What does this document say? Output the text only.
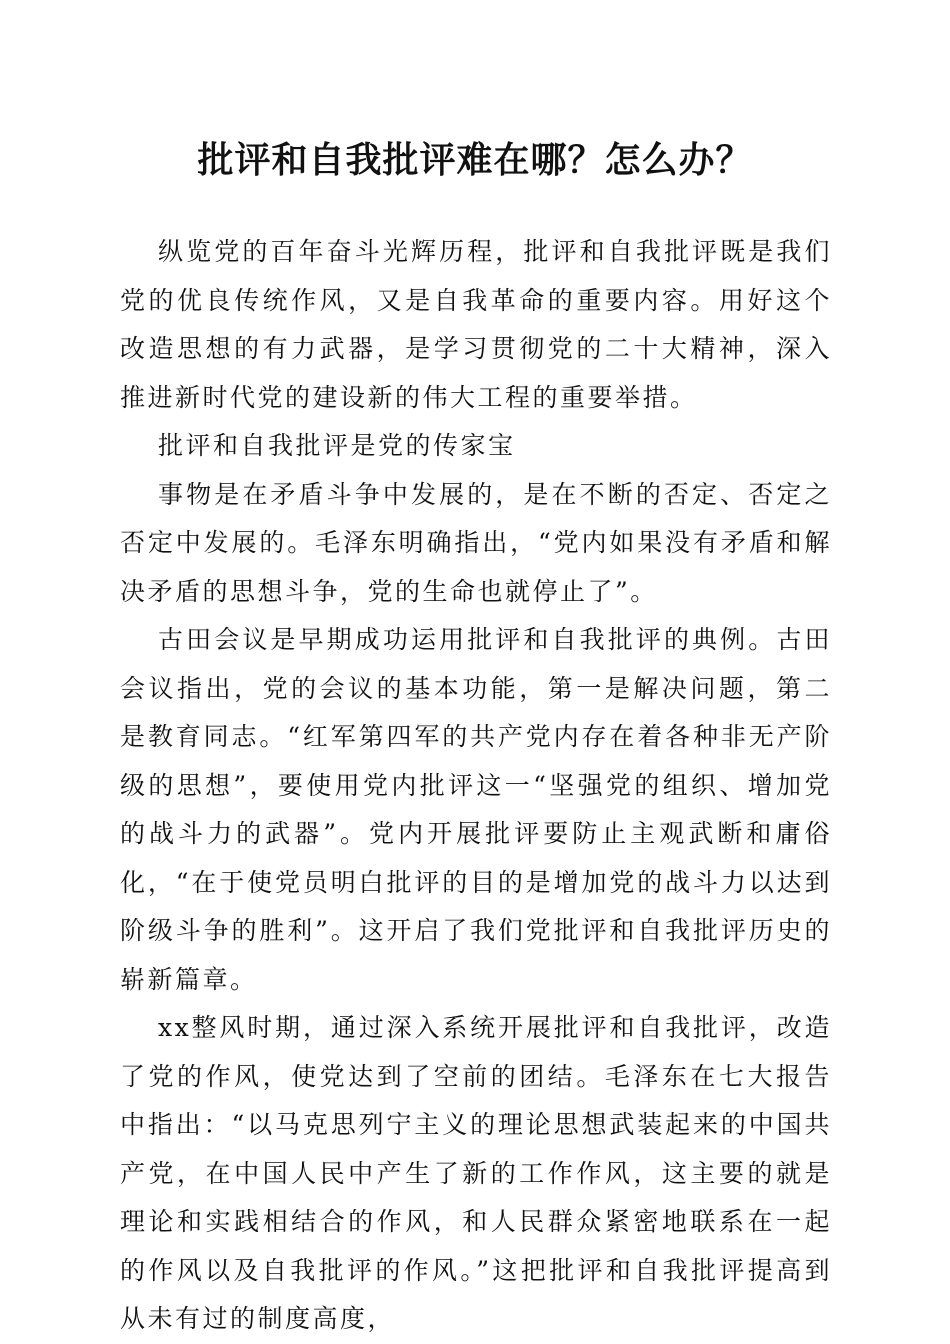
批评和自我批评难在哪？怎么办？

纵览党的百年奋斗光辉历程，批评和自我批评既是我们党的优良传统作风，又是自我革命的重要内容。用好这个改造思想的有力武器，是学习贯彻党的二十大精神，深入推进新时代党的建设新的伟大工程的重要举措。

批评和自我批评是党的传家宝

事物是在矛盾斗争中发展的，是在不断的否定、否定之否定中发展的。毛泽东明确指出，“党内如果没有矛盾和解决矛盾的思想斗争，党的生命也就停止了”。

古田会议是早期成功运用批评和自我批评的典例。古田会议指出，党的会议的基本功能，第一是解决问题，第二是教育同志。“红军第四军的共产党内存在着各种非无产阶级的思想”，要使用党内批评这一“坚强党的组织、增加党的战斗力的武器”。党内开展批评要防止主观武断和庸俗化，“在于使党员明白批评的目的是增加党的战斗力以达到阶级斗争的胜利”。这开启了我们党批评和自我批评历史的崭新篇章。

xx整风时期，通过深入系统开展批评和自我批评，改造了党的作风，使党达到了空前的团结。毛泽东在七大报告中指出：“以马克思列宁主义的理论思想武装起来的中国共产党，在中国人民中产生了新的工作作风，这主要的就是理论和实践相结合的作风，和人民群众紧密地联系在一起的作风以及自我批评的作风。”这把批评和自我批评提高到从未有过的制度高度，
